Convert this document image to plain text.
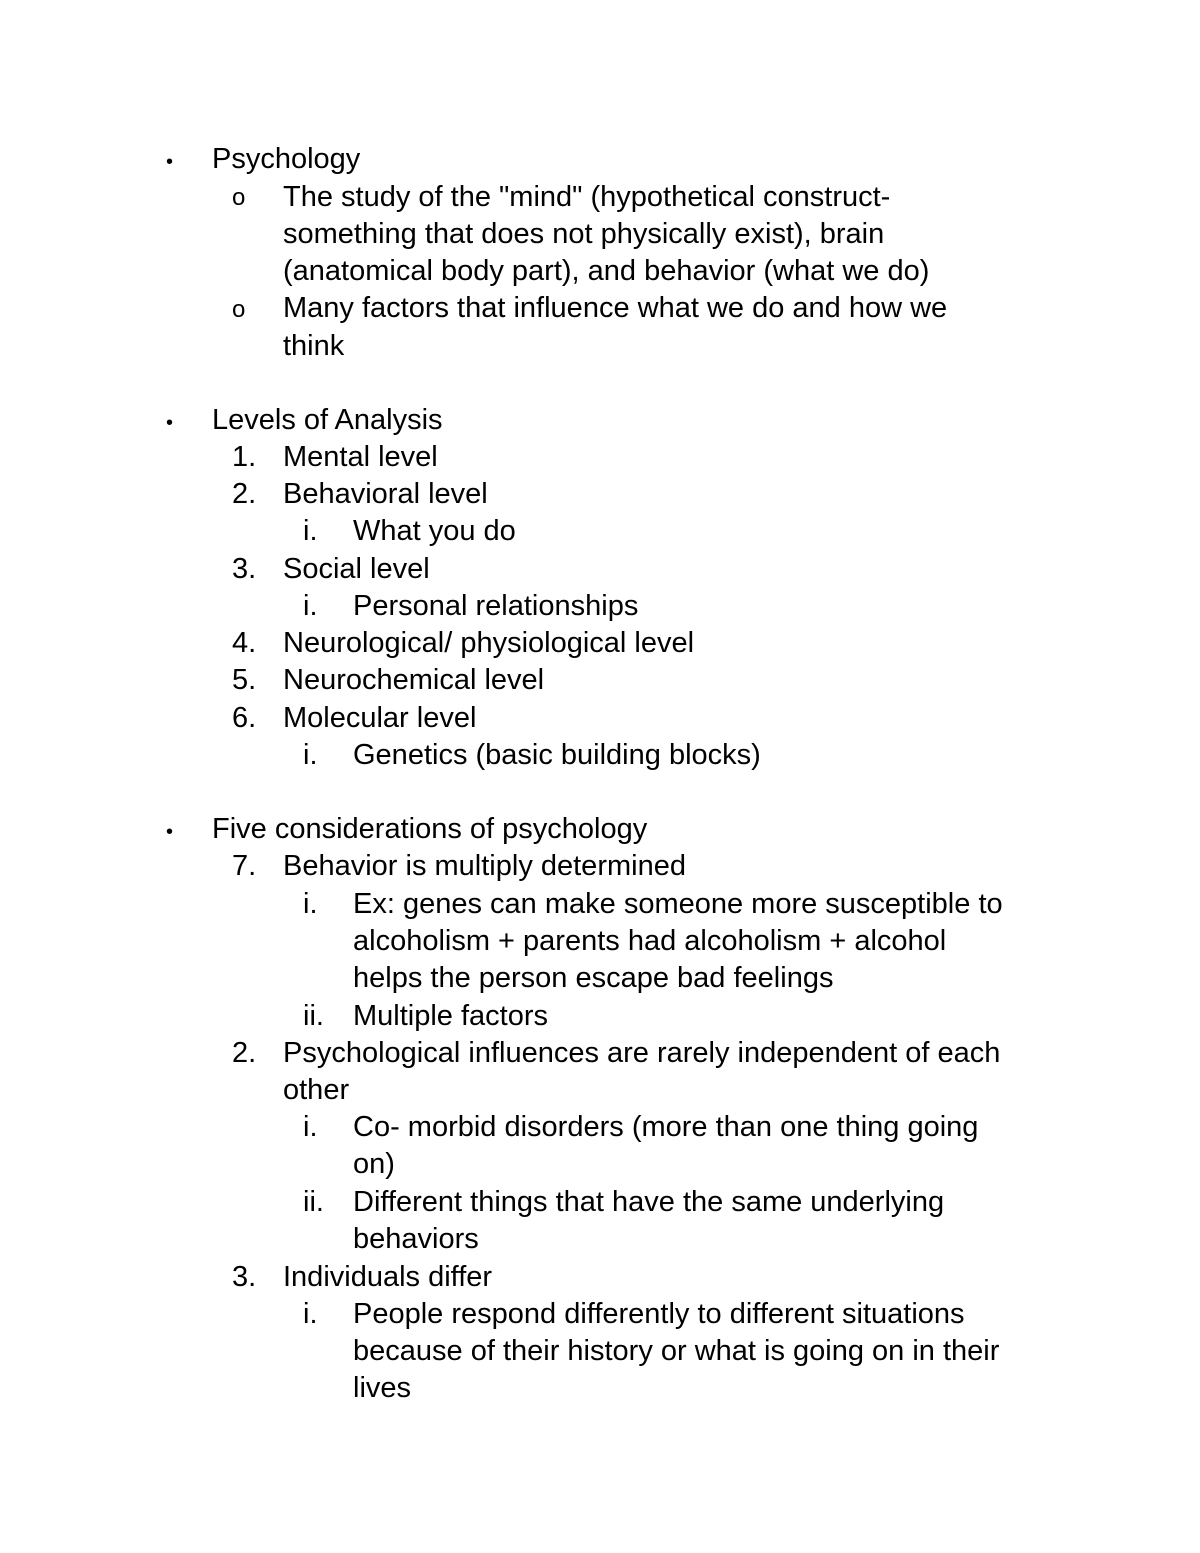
• Psychology
o The study of the "mind" (hypothetical construct-
something that does not physically exist), brain
(anatomical body part), and behavior (what we do)
o Many factors that influence what we do and how we
think
• Levels of Analysis
1. Mental level
2. Behavioral level
i. What you do
3. Social level
i. Personal relationships
4. Neurological/ physiological level
5. Neurochemical level
6. Molecular level
i. Genetics (basic building blocks)
• Five considerations of psychology
7. Behavior is multiply determined
i. Ex: genes can make someone more susceptible to
alcoholism + parents had alcoholism + alcohol
helps the person escape bad feelings
ii. Multiple factors
2. Psychological influences are rarely independent of each
other
i. Co- morbid disorders (more than one thing going
on)
ii. Different things that have the same underlying
behaviors
3. Individuals differ
i. People respond differently to different situations
because of their history or what is going on in their
lives
